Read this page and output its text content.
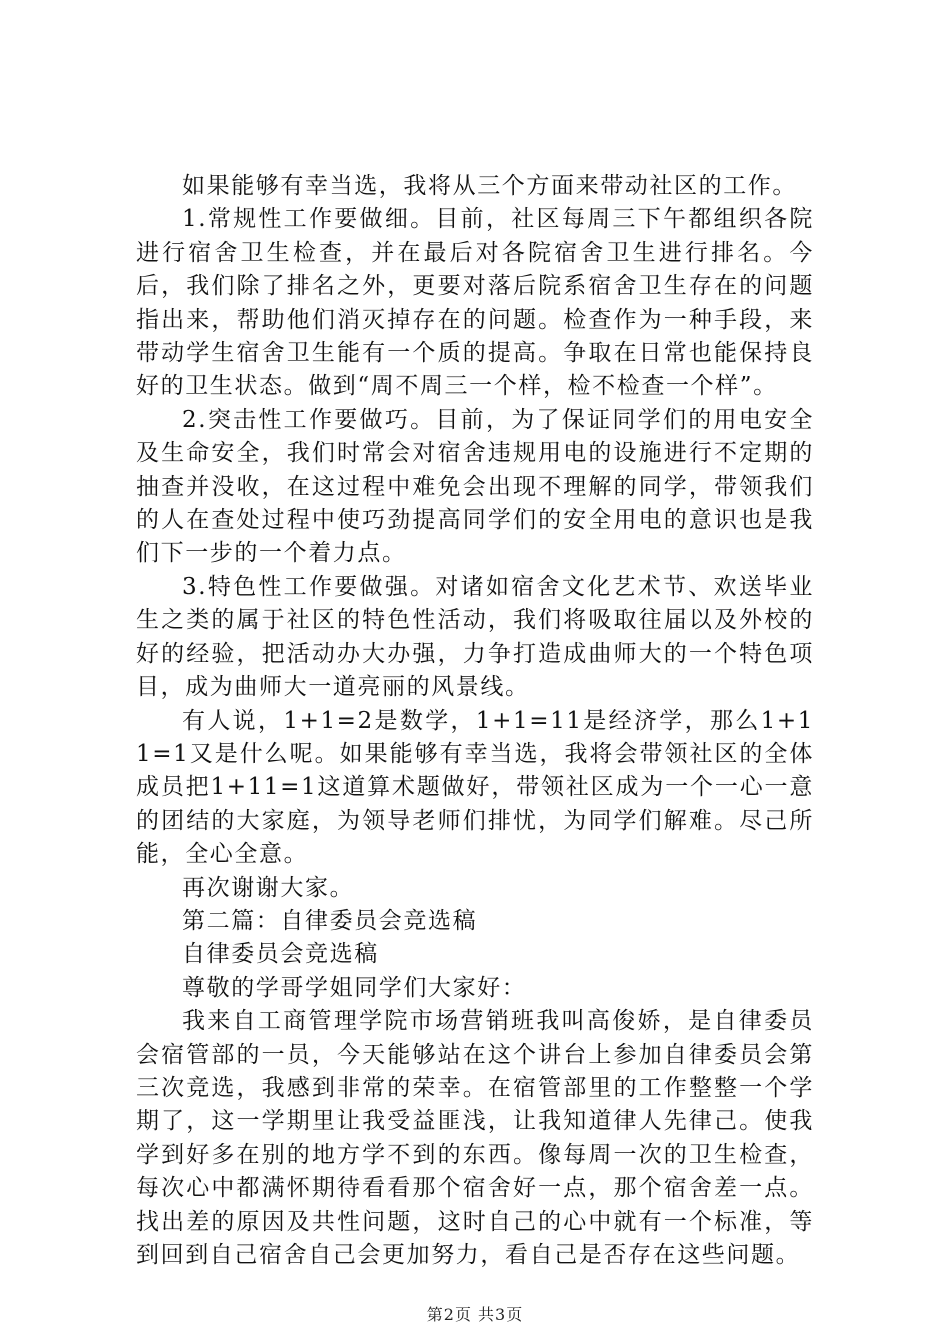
如果能够有幸当选，我将从三个方面来带动社区的工作。

1.常规性工作要做细。目前，社区每周三下午都组织各院进行宿舍卫生检查，并在最后对各院宿舍卫生进行排名。今后，我们除了排名之外，更要对落后院系宿舍卫生存在的问题指出来，帮助他们消灭掉存在的问题。检查作为一种手段，来带动学生宿舍卫生能有一个质的提高。争取在日常也能保持良好的卫生状态。做到“周不周三一个样，检不检查一个样”。

2.突击性工作要做巧。目前，为了保证同学们的用电安全及生命安全，我们时常会对宿舍违规用电的设施进行不定期的抽查并没收，在这过程中难免会出现不理解的同学，带领我们的人在查处过程中使巧劲提高同学们的安全用电的意识也是我们下一步的一个着力点。

3.特色性工作要做强。对诸如宿舍文化艺术节、欢送毕业生之类的属于社区的特色性活动，我们将吸取往届以及外校的好的经验，把活动办大办强，力争打造成曲师大的一个特色项目，成为曲师大一道亮丽的风景线。

有人说，1+1=2是数学，1+1=11是经济学，那么1+11=1又是什么呢。如果能够有幸当选，我将会带领社区的全体成员把1+11=1这道算术题做好，带领社区成为一个一心一意的团结的大家庭，为领导老师们排忧，为同学们解难。尽己所能，全心全意。

再次谢谢大家。

第二篇：自律委员会竞选稿

自律委员会竞选稿

尊敬的学哥学姐同学们大家好：

我来自工商管理学院市场营销班我叫高俊娇，是自律委员会宿管部的一员，今天能够站在这个讲台上参加自律委员会第三次竞选，我感到非常的荣幸。在宿管部里的工作整整一个学期了，这一学期里让我受益匪浅，让我知道律人先律己。使我学到好多在别的地方学不到的东西。像每周一次的卫生检查，每次心中都满怀期待看看那个宿舍好一点，那个宿舍差一点。找出差的原因及共性问题，这时自己的心中就有一个标准，等到回到自己宿舍自己会更加努力，看自己是否存在这些问题。

第2页 共3页
